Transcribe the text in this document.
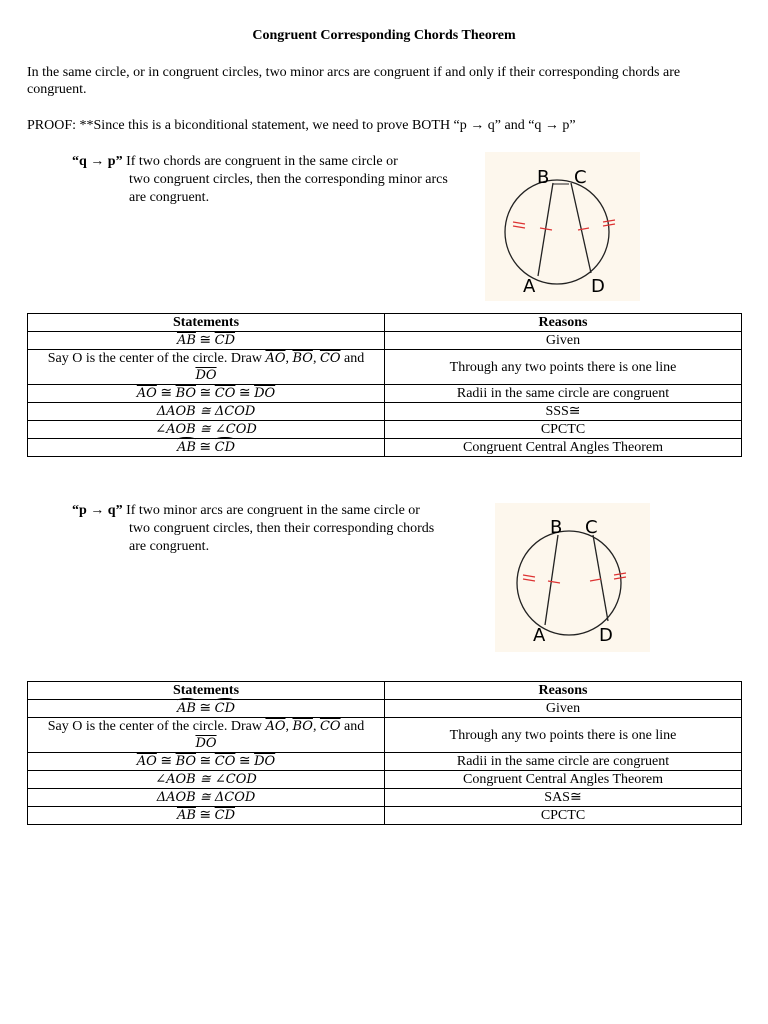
Congruent Corresponding Chords Theorem
In the same circle, or in congruent circles, two minor arcs are congruent if and only if their corresponding chords are congruent.
PROOF: **Since this is a biconditional statement, we need to prove BOTH “p → q” and “q → p”
“q → p” If two chords are congruent in the same circle or
two congruent circles, then the corresponding minor arcs
are congruent.
B C
A	D
Statements	Reasons
$\overline{AB}$ ≅ $\overline{CD}$	Given
Say O is the center of the circle. Draw $\overline{AO}$, $\overline{BO}$, $\overline{CO}$ and
$\overline{DO}$	Through any two points there is one line
$\overline{AO}$ ≅ $\overline{BO}$ ≅ $\overline{CO}$ ≅ $\overline{DO}$	Radii in the same circle are congruent
ΔAOB ≅ ΔCOD	SSS≅
∠AOB ≅ ∠COD	CPCTC
AB ≅ CD	Congruent Central Angles Theorem
“p → q” If two minor arcs are congruent in the same circle or
two congruent circles, then their corresponding chords
are congruent.
B C
A	D
Statements	Reasons
AB ≅ CD	Given
Say O is the center of the circle. Draw $\overline{AO}$, $\overline{BO}$, $\overline{CO}$ and
$\overline{DO}$	Through any two points there is one line
$\overline{AO}$ ≅ $\overline{BO}$ ≅ $\overline{CO}$ ≅ $\overline{DO}$	Radii in the same circle are congruent
∠AOB ≅ ∠COD	Congruent Central Angles Theorem
ΔAOB ≅ ΔCOD	SAS≅
$\overline{AB}$ ≅ $\overline{CD}$	CPCTC
